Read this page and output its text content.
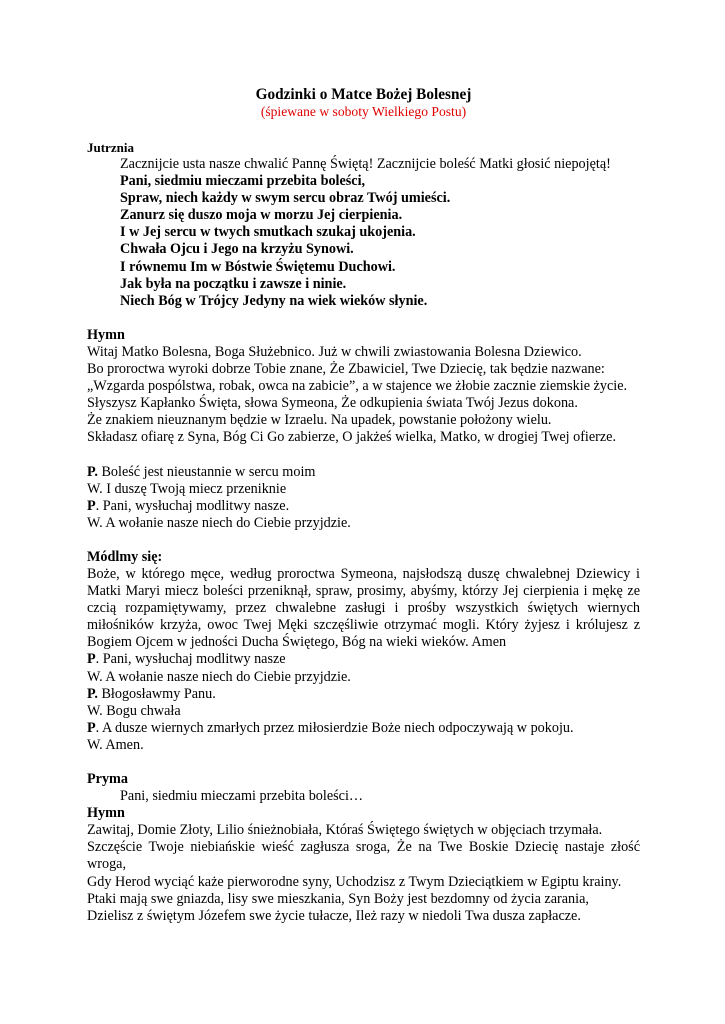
Godzinki o Matce Bożej Bolesnej
(śpiewane w soboty Wielkiego Postu)
Jutrznia
Zacznijcie usta nasze chwalić Pannę Świętą! Zacznijcie boleść Matki głosić niepojętą!
Pani, siedmiu mieczami przebita boleści,
Spraw, niech każdy w swym sercu obraz Twój umieści.
Zanurz się duszo moja w morzu Jej cierpienia.
I w Jej sercu w twych smutkach szukaj ukojenia.
Chwała Ojcu i Jego na krzyżu Synowi.
I równemu Im w Bóstwie Świętemu Duchowi.
Jak była na początku i zawsze i ninie.
Niech Bóg w Trójcy Jedyny na wiek wieków słynie.
Hymn
Witaj Matko Bolesna, Boga Służebnico. Już w chwili zwiastowania Bolesna Dziewico.
Bo proroctwa wyroki dobrze Tobie znane, Że Zbawiciel, Twe Dziecię, tak będzie nazwane:
„Wzgarda pospólstwa, robak, owca na zabicie”, a w stajence we żłobie zacznie ziemskie życie.
Słyszysz Kapłanko Święta, słowa Symeona, Że odkupienia świata Twój Jezus dokona.
Że znakiem nieuznanym będzie w Izraelu. Na upadek, powstanie położony wielu.
Składasz ofiarę z Syna, Bóg Ci Go zabierze, O jakżeś wielka, Matko, w drogiej Twej ofierze.
P. Boleść jest nieustannie w sercu moim
W. I duszę Twoją miecz przeniknie
P. Pani, wysłuchaj modlitwy nasze.
W. A wołanie nasze niech do Ciebie przyjdzie.
Módlmy się:
Boże, w którego męce, według proroctwa Symeona, najsłodszą duszę chwalebnej Dziewicy i Matki Maryi miecz boleści przeniknął, spraw, prosimy, abyśmy, którzy Jej cierpienia i mękę ze czcią rozpamiętywamy, przez chwalebne zasługi i prośby wszystkich świętych wiernych miłośników krzyża, owoc Twej Męki szczęśliwie otrzymać mogli. Który żyjesz i królujesz z Bogiem Ojcem w jedności Ducha Świętego, Bóg na wieki wieków. Amen
P. Pani, wysłuchaj modlitwy nasze
W. A wołanie nasze niech do Ciebie przyjdzie.
P. Błogosławmy Panu.
W. Bogu chwała
P. A dusze wiernych zmarłych przez miłosierdzie Boże niech odpoczywają w pokoju.
W. Amen.
Pryma
Pani, siedmiu mieczami przebita boleści…
Hymn
Zawitaj, Domie Złoty, Lilio śnieżnobiała, Któraś Świętego świętych w objęciach trzymała.
Szczęście Twoje niebiańskie wieść zagłusza sroga, Że na Twe Boskie Dziecię nastaje złość wroga,
Gdy Herod wyciąć każe pierworodne syny, Uchodzisz z Twym Dzieciątkiem w Egiptu krainy.
Ptaki mają swe gniazda, lisy swe mieszkania, Syn Boży jest bezdomny od życia zarania,
Dzielisz z świętym Józefem swe życie tułacze, Ileż razy w niedoli Twa dusza zapłacze.
